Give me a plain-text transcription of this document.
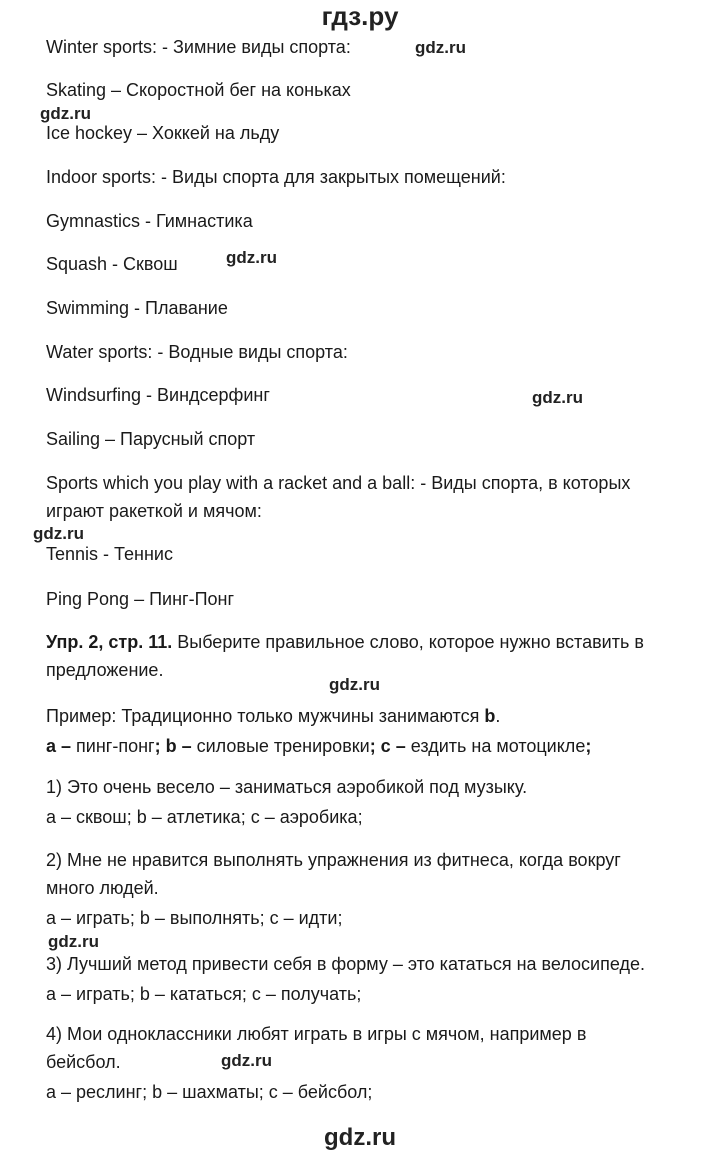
гдз.ру
Winter sports: - Зимние виды спорта:
Skating – Скоростной бег на коньках
Ice hockey – Хоккей на льду
Indoor sports: - Виды спорта для закрытых помещений:
Gymnastics - Гимнастика
Squash - Сквош
Swimming - Плавание
Water sports: - Водные виды спорта:
Windsurfing - Виндсерфинг
Sailing – Парусный спорт
Sports which you play with a racket and a ball: - Виды спорта, в которых
играют ракеткой и мячом:
Tennis - Теннис
Ping Pong – Пинг-Понг
Упр. 2, стр. 11. Выберите правильное слово, которое нужно вставить в
предложение.
Пример: Традиционно только мужчины занимаются b.
a – пинг-понг; b – силовые тренировки; c – ездить на мотоцикле;
1) Это очень весело – заниматься аэробикой под музыку.
a – сквош; b – атлетика; c – аэробика;
2) Мне не нравится выполнять упражнения из фитнеса, когда вокруг
много людей.
a – играть; b – выполнять; c – идти;
3) Лучший метод привести себя в форму – это кататься на велосипеде.
a – играть; b – кататься; c – получать;
4) Мои одноклассники любят играть в игры с мячом, например в
бейсбол.
a – реслинг; b – шахматы; c – бейсбол;
gdz.ru
gdz.ru
gdz.ru
gdz.ru
gdz.ru
gdz.ru
gdz.ru
gdz.ru
gdz.ru
